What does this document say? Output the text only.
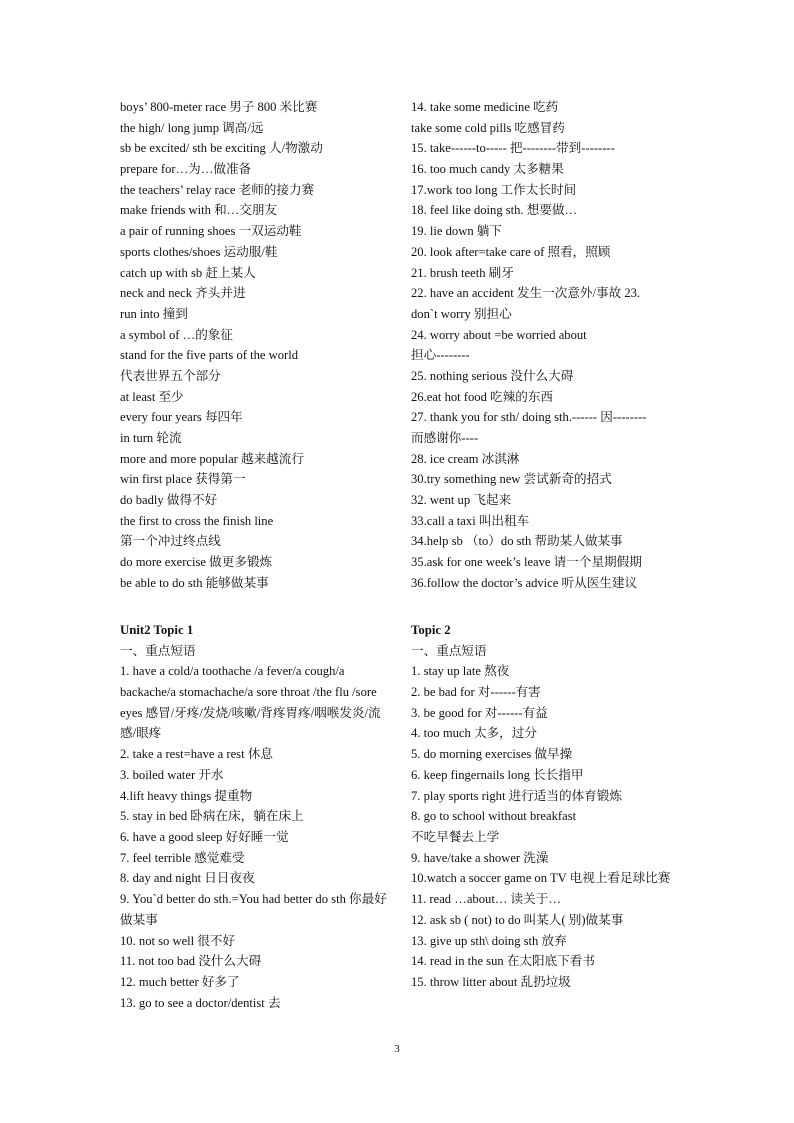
boys’ 800-meter race 男子 800 米比赛
the high/ long jump 调高/远
sb be excited/ sth be exciting 人/物激动
prepare for…为…做准备
the teachers’ relay race 老师的接力赛
make friends with 和…交朋友
a pair of running shoes 一双运动鞋
sports clothes/shoes 运动服/鞋
catch up with sb 赶上某人
neck and neck 齐头并进
run into 撞到
a symbol of …的象征
stand for the five parts of the world
代表世界五个部分
at least 至少
every four years 每四年
in turn 轮流
more and more popular 越来越流行
win first place 获得第一
do badly 做得不好
the first to cross the finish line
第一个冲过终点线
do more exercise 做更多锻炼
be able to do sth 能够做某事
14. take some medicine 吃药
take some cold pills 吃感冒药
15. take------to----- 把--------带到--------
16. too much candy 太多糖果
17.work too long 工作太长时间
18. feel like doing sth. 想要做…
19. lie down 躺下
20. look after=take care of 照看，照顾
21. brush teeth 刷牙
22. have an accident 发生一次意外/事故 23.
don`t worry 别担心
24. worry about =be worried about
担心--------
25. nothing serious 没什么大碍
26.eat hot food 吃辣的东西
27. thank you for sth/ doing sth.------ 因--------
而感谢你----
28. ice cream 冰淇淋
30.try something new 尝试新奇的招式
32. went up 飞起来
33.call a taxi 叫出租车
34.help sb （to）do sth 帮助某人做某事
35.ask for one week’s leave 请一个星期假期
36.follow the doctor’s advice 听从医生建议
Unit2 Topic 1
一、重点短语
1. have a cold/a toothache /a fever/a cough/a backache/a stomachache/a sore throat /the flu /sore eyes 感冒/牙疼/发烧/咳嗽/背疼胃疼/咽喉发炎/流感/眼疼
2. take a rest=have a rest 休息
3. boiled water 开水
4.lift heavy things 提重物
5. stay in bed 卧病在床，躺在床上
6. have a good sleep 好好睡一觉
7. feel terrible 感觉难受
8. day and night 日日夜夜
9. You`d better do sth.=You had better do sth 你最好做某事
10. not so well 很不好
11. not too bad 没什么大碍
12. much better 好多了
13. go to see a doctor/dentist 去
Topic 2
一、重点短语
1. stay up late 熬夜
2. be bad for 对------有害
3. be good for 对------有益
4. too much 太多，过分
5. do morning exercises 做早操
6. keep fingernails long 长长指甲
7. play sports right 进行适当的体育锻炼
8. go to school without breakfast
不吃早餐去上学
9. have/take a shower 洗澡
10.watch a soccer game on TV 电视上看足球比赛
11. read …about… 读关于…
12. ask sb ( not) to do 叫某人( 别)做某事
13. give up sth\ doing sth 放弃
14. read in the sun 在太阳底下看书
15. throw litter about 乱扔垃圾
3
